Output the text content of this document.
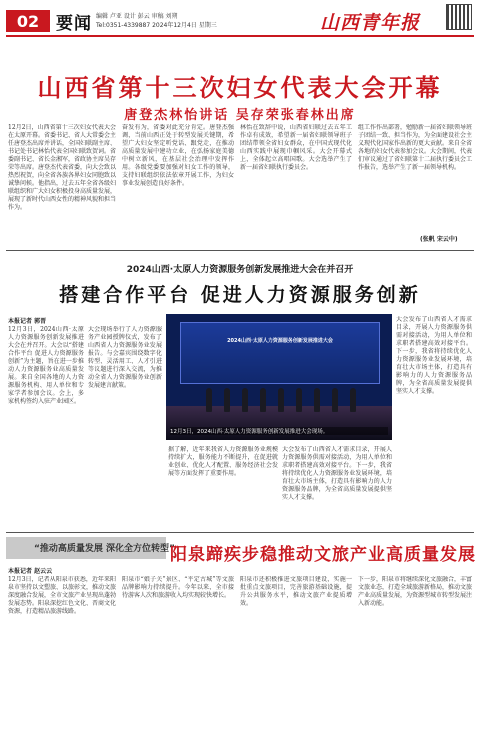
02 要闻 编辑 卢亚 设计 彭云 审稿 刘朔
Tel:0351-4339887 2024年12月4日 星期三	山西青年报
山西省第十三次妇女代表大会开幕
唐登杰林怡讲话 吴存荣张春林出席
12月2日，山西省第十三次妇女代表大会在太原开幕。省委书记、省人大常委会主任唐登杰出席并讲话，全国妇联副主席、书记处书记林怡代表全国妇联致贺词。省委副书记、省长金湘军，省政协主席吴存荣等出席。唐登杰代表省委，向大会致以热烈祝贺，向全省各族各界妇女同胞致以诚挚问候。他指出，过去五年全省各级妇联组织和广大妇女积极投身高质量发展，展现了新时代山西女性的精神风貌和担当作为。
奋发有为，省委对此充分肯定。唐登杰强调，当前山西正处于转型发展关键期，希望广大妇女坚定听党话、跟党走，在推动高质量发展中建功立业，在弘扬家庭美德中树立新风，在基层社会治理中发挥作用。各级党委要加强对妇女工作的领导，支持妇联组织依法依章开展工作，为妇女事业发展创造良好条件。
林怡在致辞中说，山西省妇联过去五年工作卓有成效，希望新一届省妇联领导班子团结带领全省妇女群众，在中国式现代化山西实践中展现巾帼风采。大会开幕式上，全体起立高唱国歌。大会选举产生了新一届省妇联执行委员会。
组工作作出部署，勉励新一届省妇联领导班子团结一致、担当作为，为全面建设社会主义现代化国家作出新的更大贡献。来自全省各地的妇女代表参加会议。大会期间，代表们审议通过了省妇联第十二届执行委员会工作报告，选举产生了新一届领导机构。
(张帆 宋云中)
2024山西·太原人力资源服务创新发展推进大会在并召开
搭建合作平台 促进人力资源服务创新
本报记者 郭晋
12月3日，2024山西·太原人力资源服务创新发展推进大会在并召开。大会以“搭建合作平台 促进人力资源服务创新”为主题，旨在进一步推动人力资源服务业高质量发展。来自全国各地的人力资源服务机构、用人单位和专家学者参加会议。会上，多家机构签约入驻产业园区。
大会现场举行了人力资源服务产业园授牌仪式，发布了山西省人力资源服务业发展报告。与会嘉宾围绕数字化转型、灵活用工、人才引进等议题进行深入交流，为推动全省人力资源服务业创新发展建言献策。
2024山西·太原人力资源服务创新发展推进大会
12月3日，2024山西·太原人力资源服务创新发展推进大会现场。
据了解，近年来我省人力资源服务业规模持续扩大，服务能力不断提升，在促进就业创业、优化人才配置、服务经济社会发展等方面发挥了重要作用。
大会发布了山西省人才需求目录，开展人力资源服务供需对接活动，为用人单位和求职者搭建高效对接平台。下一步，我省将持续优化人力资源服务业发展环境，培育壮大市场主体，打造具有影响力的人力资源服务品牌，为全省高质量发展提供坚实人才支撑。
大会发布了山西省人才需求目录，开展人力资源服务供需对接活动，为用人单位和求职者搭建高效对接平台。下一步，我省将持续优化人力资源服务业发展环境，培育壮大市场主体，打造具有影响力的人力资源服务品牌，为全省高质量发展提供坚实人才支撑。
“推动高质量发展 深化全方位转型”
阳泉蹄疾步稳推动文旅产业高质量发展
本报记者 赵云云
12月3日，记者从阳泉市获悉，近年来阳泉市坚持以文塑旅、以旅彰文，推动文旅深度融合发展，全市文旅产业呈现出蓬勃发展态势。阳泉深挖红色文化、晋商文化资源，打造精品旅游线路。
阳泉市“娘子关”景区、“平定古城”等文旅品牌影响力持续提升。今年以来，全市接待游客人次和旅游收入均实现较快增长。
阳泉市还积极推进文旅项目建设，实施一批重点文旅项目，完善旅游基础设施，提升公共服务水平，推动文旅产业提质增效。
下一步，阳泉市将继续深化文旅融合，丰富文旅业态，打造全域旅游新格局，推动文旅产业高质量发展，为资源型城市转型发展注入新动能。
